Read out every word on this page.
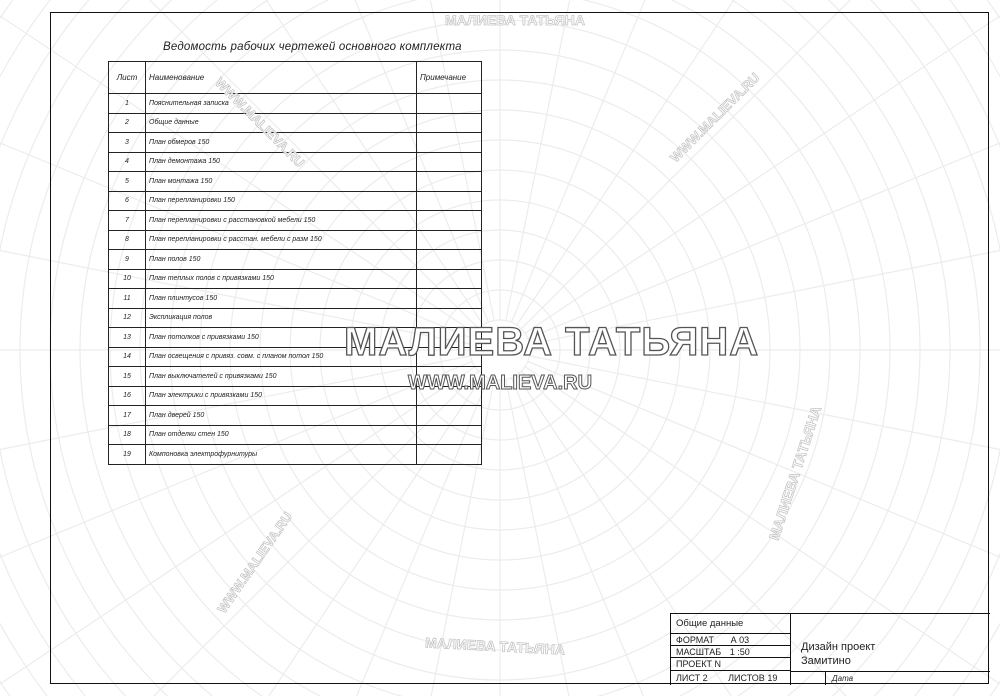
Ведомость рабочих чертежей основного комплекта
Лист	Наименование	Примечание
1	Пояснительная записка	
2	Общие данные	
3	План обмеров 150	
4	План демонтажа 150	
5	План монтажа 150	
6	План перепланировки 150	
7	План перепланировки с расстановкой мебели 150	
8	План перепланировки с расстан. мебели с разм 150	
9	План полов 150	
10	План теплых полов с привязками 150	
11	План плинтусов 150	
12	Экспликация полов	
13	План потолков с привязками 150	
14	План освещения с привяз. совм. с планом потол 150	
15	План выключателей с привязками 150	
16	План электрики с привязками 150	
17	План дверей 150	
18	План отделки стен 150	
19	Компоновка электрофурнитуры	
WWW.MALIEVA.RU	WWW.MALIEVA.RU
МАЛИЕВА ТАТЬЯНА
WWW.MALIEVA.RU
МАЛИЕВА ТАТЬЯНА
МАЛИЕВА ТАТЬЯНА
МАЛИЕВА ТАТЬЯНА
WWW.MALIEVA.RU
Общие данные
ФОРМАТ А 03
МАСШТАБ 1 :50
ПРОЕКТ N
ЛИСТ 2 ЛИСТОВ 19
Дизайн проект
Замитино
Дата
